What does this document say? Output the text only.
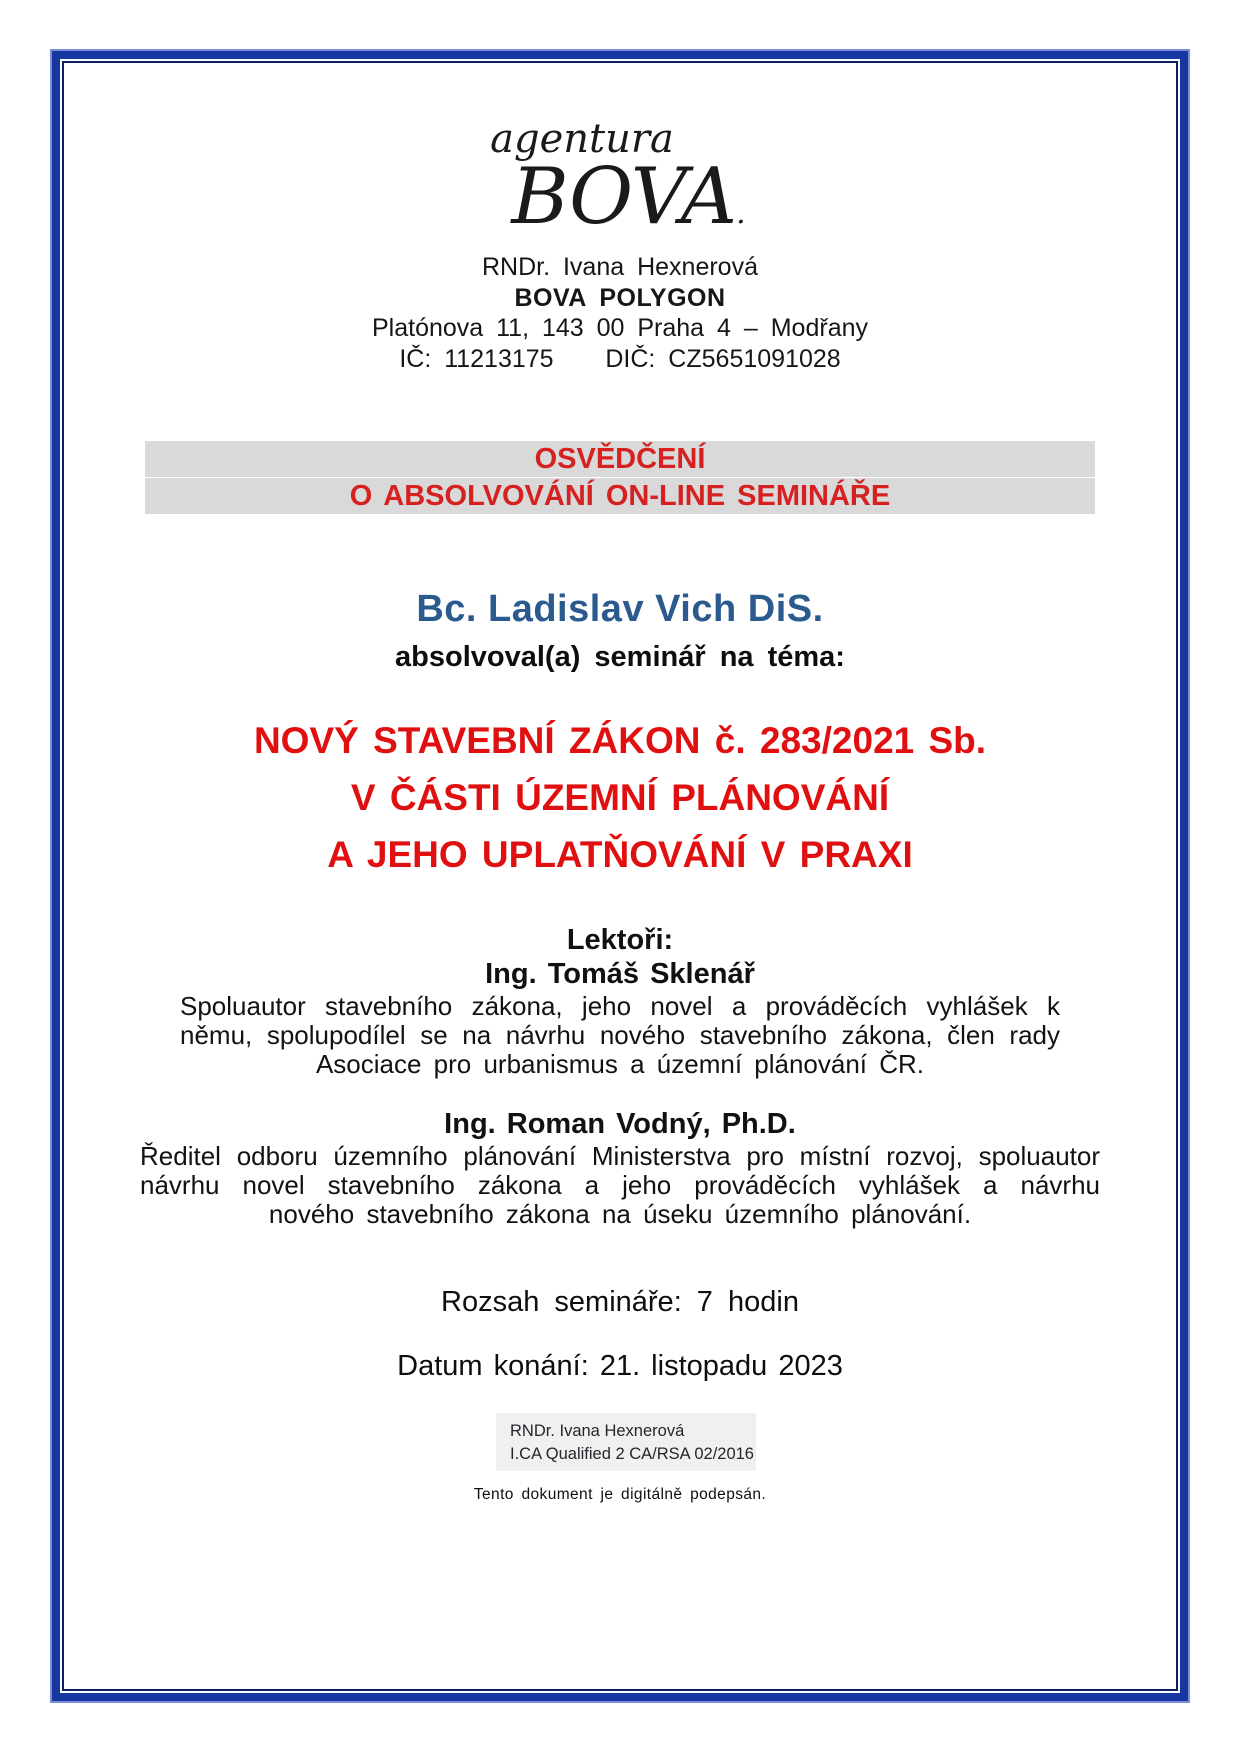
agentura
BOVA.
RNDr. Ivana Hexnerová
BOVA POLYGON
Platónova 11, 143 00 Praha 4 – Modřany
IČ: 11213175    DIČ: CZ5651091028
OSVĚDČENÍ
O ABSOLVOVÁNÍ ON-LINE SEMINÁŘE
Bc. Ladislav Vich DiS.
absolvoval(a) seminář na téma:
NOVÝ STAVEBNÍ ZÁKON č. 283/2021 Sb.
V ČÁSTI ÚZEMNÍ PLÁNOVÁNÍ
A JEHO UPLATŇOVÁNÍ V PRAXI
Lektoři:
Ing. Tomáš Sklenář
Spoluautor stavebního zákona, jeho novel a prováděcích vyhlášek k němu, spolupodílel se na návrhu nového stavebního zákona, člen rady Asociace pro urbanismus a územní plánování ČR.
Ing. Roman Vodný, Ph.D.
Ředitel odboru územního plánování Ministerstva pro místní rozvoj, spoluautor návrhu novel stavebního zákona a jeho prováděcích vyhlášek a návrhu nového stavebního zákona na úseku územního plánování.
Rozsah semináře: 7 hodin
Datum konání: 21. listopadu 2023
RNDr. Ivana Hexnerová
I.CA Qualified 2 CA/RSA 02/2016
Tento dokument je digitálně podepsán.
